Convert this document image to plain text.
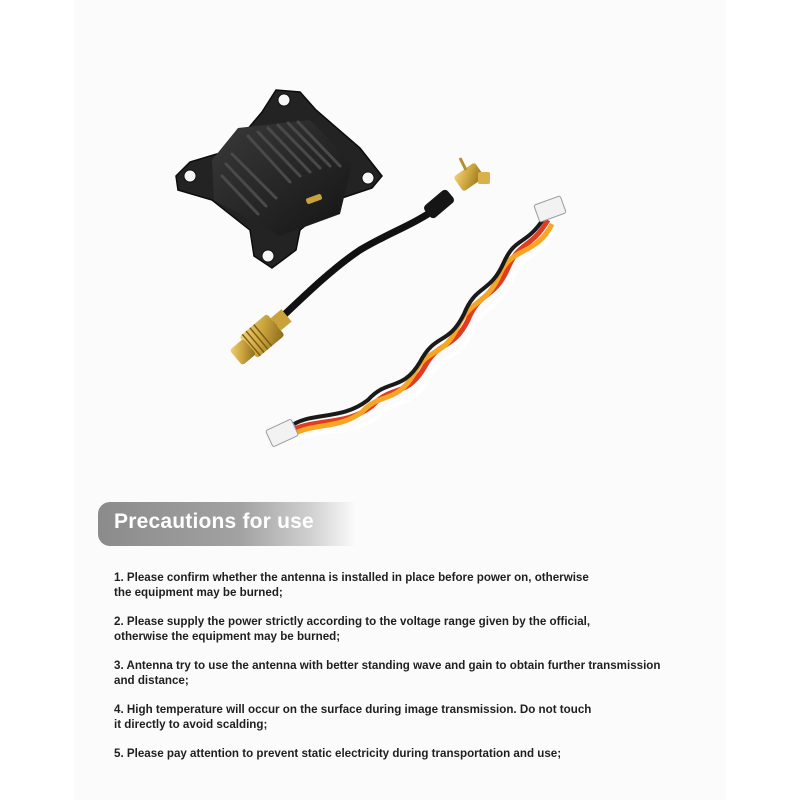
Precautions for use
1. Please confirm whether the antenna is installed in place before power on, otherwise
the equipment may be burned;
2. Please supply the power strictly according to the voltage range given by the official,
otherwise the equipment may be burned;
3. Antenna try to use the antenna with better standing wave and gain to obtain further transmission
and distance;
4. High temperature will occur on the surface during image transmission. Do not touch
it directly to avoid scalding;
5. Please pay attention to prevent static electricity during transportation and use;
